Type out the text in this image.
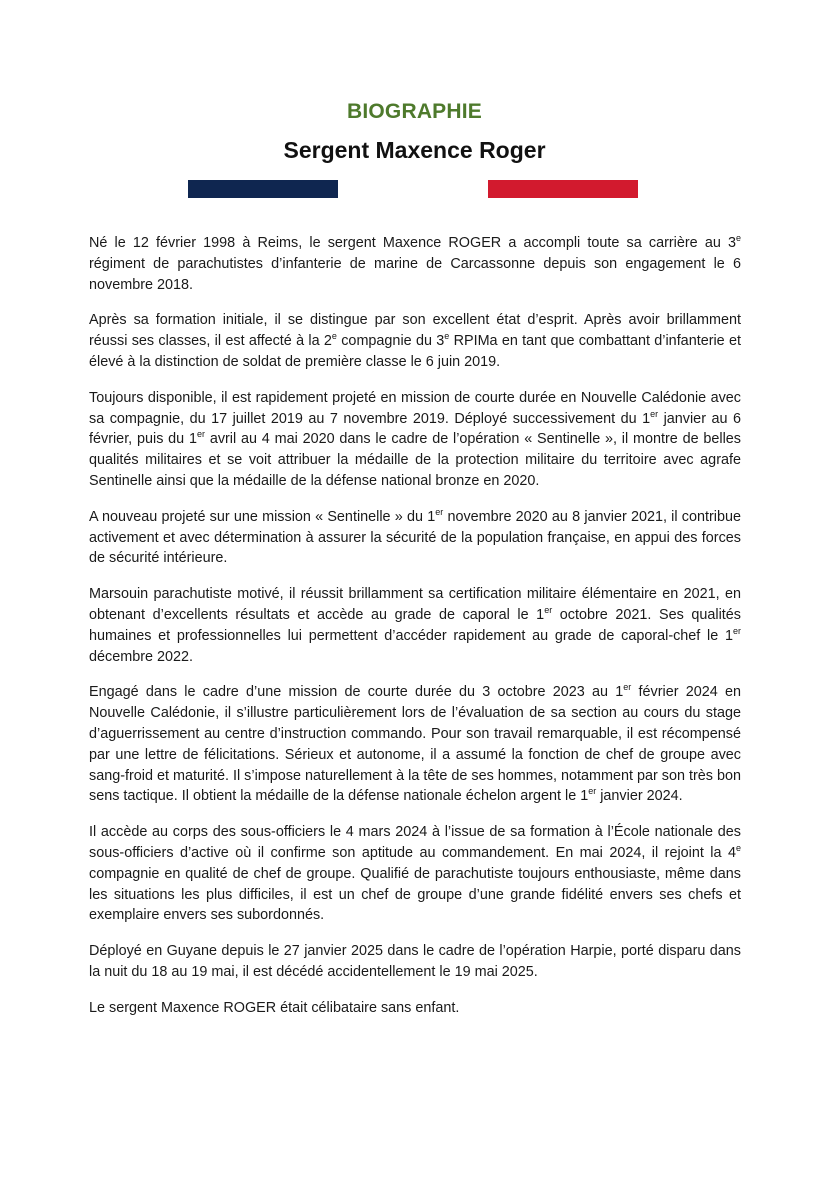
BIOGRAPHIE
Sergent Maxence Roger

Né le 12 février 1998 à Reims, le sergent Maxence ROGER a accompli toute sa carrière au 3e régiment de parachutistes d’infanterie de marine de Carcassonne depuis son engagement le 6 novembre 2018.

Après sa formation initiale, il se distingue par son excellent état d’esprit. Après avoir brillamment réussi ses classes, il est affecté à la 2e compagnie du 3e RPIMa en tant que combattant d’infanterie et élevé à la distinction de soldat de première classe le 6 juin 2019.

Toujours disponible, il est rapidement projeté en mission de courte durée en Nouvelle Calédonie avec sa compagnie, du 17 juillet 2019 au 7 novembre 2019. Déployé successivement du 1er janvier au 6 février, puis du 1er avril au 4 mai 2020 dans le cadre de l’opération « Sentinelle », il montre de belles qualités militaires et se voit attribuer la médaille de la protection militaire du territoire avec agrafe Sentinelle ainsi que la médaille de la défense national bronze en 2020.

A nouveau projeté sur une mission « Sentinelle » du 1er novembre 2020 au 8 janvier 2021, il contribue activement et avec détermination à assurer la sécurité de la population française, en appui des forces de sécurité intérieure.

Marsouin parachutiste motivé, il réussit brillamment sa certification militaire élémentaire en 2021, en obtenant d’excellents résultats et accède au grade de caporal le 1er octobre 2021. Ses qualités humaines et professionnelles lui permettent d’accéder rapidement au grade de caporal-chef le 1er décembre 2022.

Engagé dans le cadre d’une mission de courte durée du 3 octobre 2023 au 1er février 2024 en Nouvelle Calédonie, il s’illustre particulièrement lors de l’évaluation de sa section au cours du stage d’aguerrissement au centre d’instruction commando. Pour son travail remarquable, il est récompensé par une lettre de félicitations. Sérieux et autonome, il a assumé la fonction de chef de groupe avec sang-froid et maturité. Il s’impose naturellement à la tête de ses hommes, notamment par son très bon sens tactique. Il obtient la médaille de la défense nationale échelon argent le 1er janvier 2024.

Il accède au corps des sous-officiers le 4 mars 2024 à l’issue de sa formation à l’École nationale des sous-officiers d’active où il confirme son aptitude au commandement. En mai 2024, il rejoint la 4e compagnie en qualité de chef de groupe. Qualifié de parachutiste toujours enthousiaste, même dans les situations les plus difficiles, il est un chef de groupe d’une grande fidélité envers ses chefs et exemplaire envers ses subordonnés.

Déployé en Guyane depuis le 27 janvier 2025 dans le cadre de l’opération Harpie, porté disparu dans la nuit du 18 au 19 mai, il est décédé accidentellement le 19 mai 2025.

Le sergent Maxence ROGER était célibataire sans enfant.
